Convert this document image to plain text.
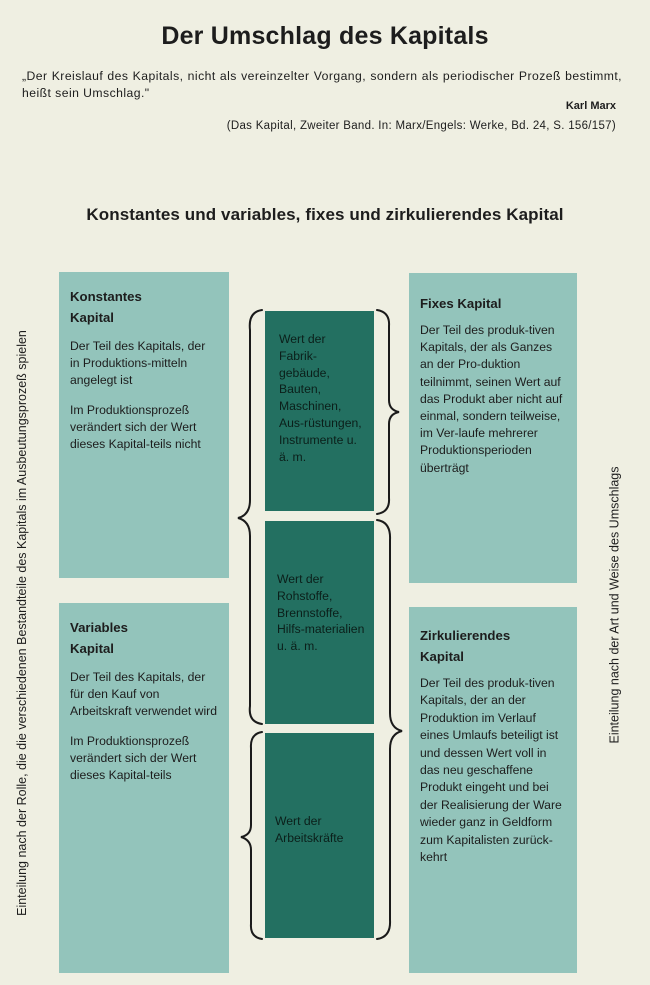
Der Umschlag des Kapitals
„Der Kreislauf des Kapitals, nicht als vereinzelter Vorgang, sondern als periodischer Prozeß bestimmt, heißt sein Umschlag."
Karl Marx
(Das Kapital, Zweiter Band. In: Marx/Engels: Werke, Bd. 24, S. 156/157)
Konstantes und variables, fixes und zirkulierendes Kapital
Einteilung nach der Rolle, die die verschiedenen Bestandteile des Kapitals im Ausbeutungsprozeß spielen	Einteilung nach der Art und Weise des Umschlags
Konstantes
Kapital
Der Teil des Kapitals, der in Produktions-mitteln angelegt ist
Im Produktionsprozeß verändert sich der Wert dieses Kapital-teils nicht
Variables
Kapital
Der Teil des Kapitals, der für den Kauf von Arbeitskraft verwendet wird
Im Produktionsprozeß verändert sich der Wert dieses Kapital-teils
Fixes Kapital
Der Teil des produk-tiven Kapitals, der als Ganzes an der Pro-duktion teilnimmt, seinen Wert auf das Produkt aber nicht auf einmal, sondern teilweise, im Ver-laufe mehrerer Produktionsperioden überträgt
Zirkulierendes
Kapital
Der Teil des produk-tiven Kapitals, der an der Produktion im Verlauf eines Umlaufs beteiligt ist und dessen Wert voll in das neu geschaffene Produkt eingeht und bei der Realisierung der Ware wieder ganz in Geldform zum Kapitalisten zurück-kehrt
Wert der Fabrik-gebäude, Bauten, Maschinen, Aus-rüstungen, Instrumente u. ä. m.
Wert der Rohstoffe, Brennstoffe, Hilfs-materialien u. ä. m.
Wert der Arbeitskräfte
